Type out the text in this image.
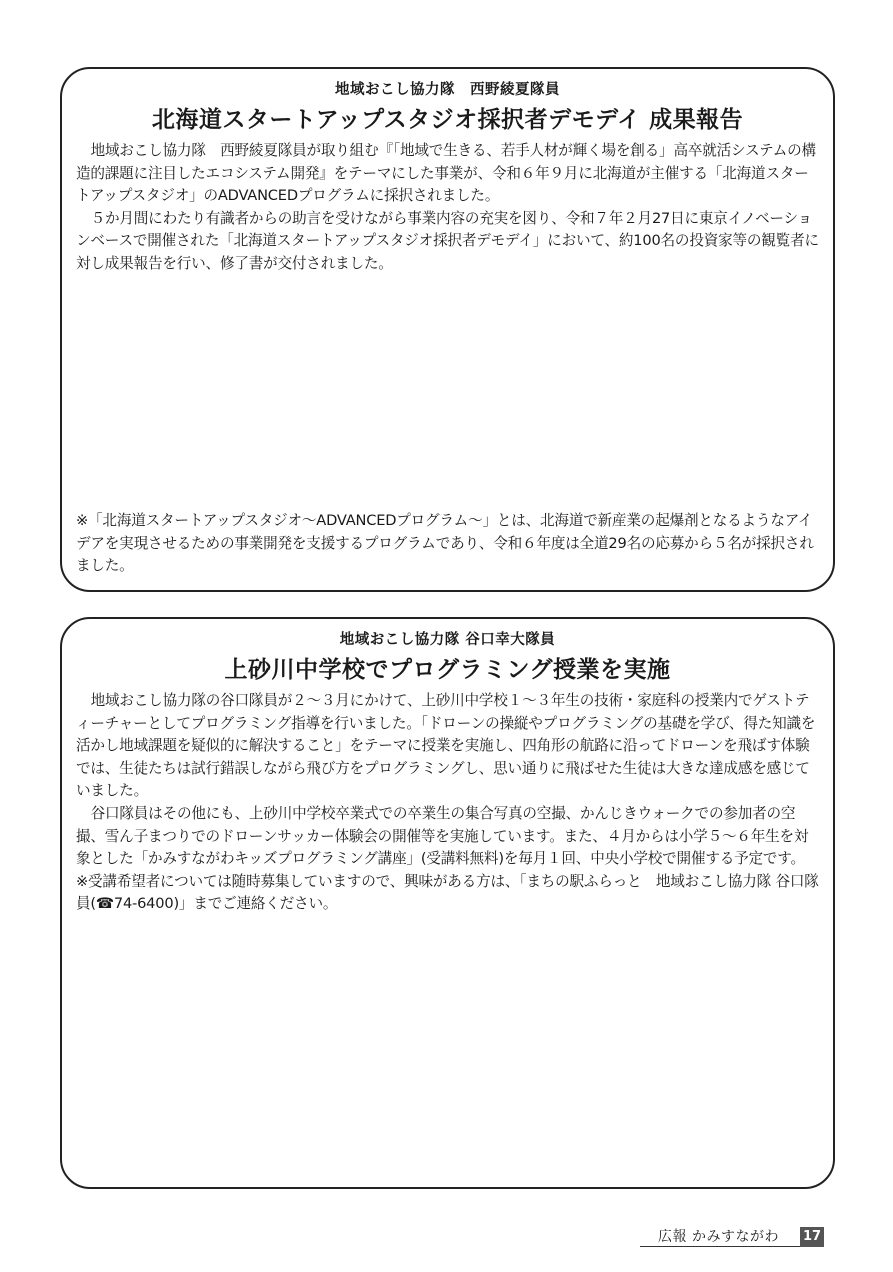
地域おこし協力隊　西野綾夏隊員
北海道スタートアップスタジオ採択者デモデイ 成果報告

地域おこし協力隊　西野綾夏隊員が取り組む『「地域で生きる、若手人材が輝く場を創る」高卒就活システムの構造的課題に注目したエコシステム開発』をテーマにした事業が、令和６年９月に北海道が主催する「北海道スタートアップスタジオ」のADVANCEDプログラムに採択されました。

５か月間にわたり有識者からの助言を受けながら事業内容の充実を図り、令和７年２月27日に東京イノベーションベースで開催された「北海道スタートアップスタジオ採択者デモデイ」において、約100名の投資家等の観覧者に対し成果報告を行い、修了書が交付されました。

※「北海道スタートアップスタジオ～ADVANCEDプログラム～」とは、北海道で新産業の起爆剤となるようなアイデアを実現させるための事業開発を支援するプログラムであり、令和６年度は全道29名の応募から５名が採択されました。

地域おこし協力隊 谷口幸大隊員
上砂川中学校でプログラミング授業を実施

地域おこし協力隊の谷口隊員が２～３月にかけて、上砂川中学校１～３年生の技術・家庭科の授業内でゲストティーチャーとしてプログラミング指導を行いました。「ドローンの操縦やプログラミングの基礎を学び、得た知識を活かし地域課題を疑似的に解決すること」をテーマに授業を実施し、四角形の航路に沿ってドローンを飛ばす体験では、生徒たちは試行錯誤しながら飛び方をプログラミングし、思い通りに飛ばせた生徒は大きな達成感を感じていました。

谷口隊員はその他にも、上砂川中学校卒業式での卒業生の集合写真の空撮、かんじきウォークでの参加者の空撮、雪ん子まつりでのドローンサッカー体験会の開催等を実施しています。また、４月からは小学５～６年生を対象とした「かみすながわキッズプログラミング講座」(受講料無料)を毎月１回、中央小学校で開催する予定です。

※受講希望者については随時募集していますので、興味がある方は、「まちの駅ふらっと　地域おこし協力隊 谷口隊員(☎74-6400)」までご連絡ください。

広報 かみすながわ 17
